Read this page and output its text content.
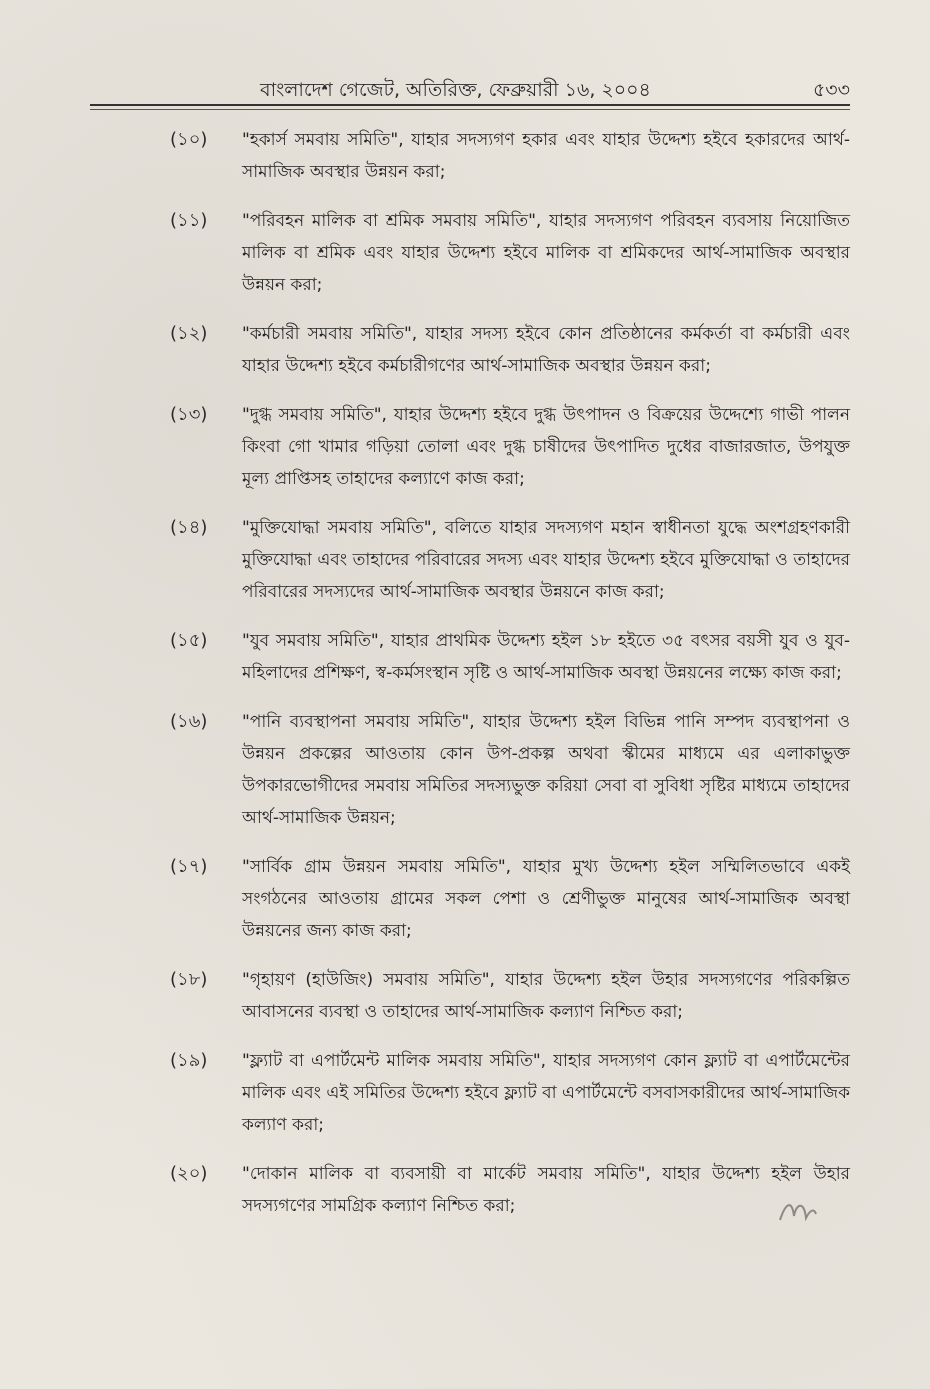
বাংলাদেশ গেজেট, অতিরিক্ত, ফেব্রুয়ারী ১৬, ২০০৪	৫৩৩
(১০)	"হকার্স সমবায় সমিতি", যাহার সদস্যগণ হকার এবং যাহার উদ্দেশ্য হইবে হকারদের আর্থ-সামাজিক অবস্থার উন্নয়ন করা;
(১১)	"পরিবহন মালিক বা শ্রমিক সমবায় সমিতি", যাহার সদস্যগণ পরিবহন ব্যবসায় নিয়োজিত মালিক বা শ্রমিক এবং যাহার উদ্দেশ্য হইবে মালিক বা শ্রমিকদের আর্থ-সামাজিক অবস্থার উন্নয়ন করা;
(১২)	"কর্মচারী সমবায় সমিতি", যাহার সদস্য হইবে কোন প্রতিষ্ঠানের কর্মকর্তা বা কর্মচারী এবং যাহার উদ্দেশ্য হইবে কর্মচারীগণের আর্থ-সামাজিক অবস্থার উন্নয়ন করা;
(১৩)	"দুগ্ধ সমবায় সমিতি", যাহার উদ্দেশ্য হইবে দুগ্ধ উৎপাদন ও বিক্রয়ের উদ্দেশ্যে গাভী পালন কিংবা গো খামার গড়িয়া তোলা এবং দুগ্ধ চাষীদের উৎপাদিত দুধের বাজারজাত, উপযুক্ত মূল্য প্রাপ্তিসহ তাহাদের কল্যাণে কাজ করা;
(১৪)	"মুক্তিযোদ্ধা সমবায় সমিতি", বলিতে যাহার সদস্যগণ মহান স্বাধীনতা যুদ্ধে অংশগ্রহণকারী মুক্তিযোদ্ধা এবং তাহাদের পরিবারের সদস্য এবং যাহার উদ্দেশ্য হইবে মুক্তিযোদ্ধা ও তাহাদের পরিবারের সদস্যদের আর্থ-সামাজিক অবস্থার উন্নয়নে কাজ করা;
(১৫)	"যুব সমবায় সমিতি", যাহার প্রাথমিক উদ্দেশ্য হইল ১৮ হইতে ৩৫ বৎসর বয়সী যুব ও যুব-মহিলাদের প্রশিক্ষণ, স্ব-কর্মসংস্থান সৃষ্টি ও আর্থ-সামাজিক অবস্থা উন্নয়নের লক্ষ্যে কাজ করা;
(১৬)	"পানি ব্যবস্থাপনা সমবায় সমিতি", যাহার উদ্দেশ্য হইল বিভিন্ন পানি সম্পদ ব্যবস্থাপনা ও উন্নয়ন প্রকল্পের আওতায় কোন উপ-প্রকল্প অথবা স্কীমের মাধ্যমে এর এলাকাভুক্ত উপকারভোগীদের সমবায় সমিতির সদস্যভুক্ত করিয়া সেবা বা সুবিধা সৃষ্টির মাধ্যমে তাহাদের আর্থ-সামাজিক উন্নয়ন;
(১৭)	"সার্বিক গ্রাম উন্নয়ন সমবায় সমিতি", যাহার মুখ্য উদ্দেশ্য হইল সম্মিলিতভাবে একই সংগঠনের আওতায় গ্রামের সকল পেশা ও শ্রেণীভুক্ত মানুষের আর্থ-সামাজিক অবস্থা উন্নয়নের জন্য কাজ করা;
(১৮)	"গৃহায়ণ (হাউজিং) সমবায় সমিতি", যাহার উদ্দেশ্য হইল উহার সদস্যগণের পরিকল্পিত আবাসনের ব্যবস্থা ও তাহাদের আর্থ-সামাজিক কল্যাণ নিশ্চিত করা;
(১৯)	"ফ্ল্যাট বা এপার্টমেন্ট মালিক সমবায় সমিতি", যাহার সদস্যগণ কোন ফ্ল্যাট বা এপার্টমেন্টের মালিক এবং এই সমিতির উদ্দেশ্য হইবে ফ্ল্যাট বা এপার্টমেন্টে বসবাসকারীদের আর্থ-সামাজিক কল্যাণ করা;
(২০)	"দোকান মালিক বা ব্যবসায়ী বা মার্কেট সমবায় সমিতি", যাহার উদ্দেশ্য হইল উহার সদস্যগণের সামগ্রিক কল্যাণ নিশ্চিত করা;
